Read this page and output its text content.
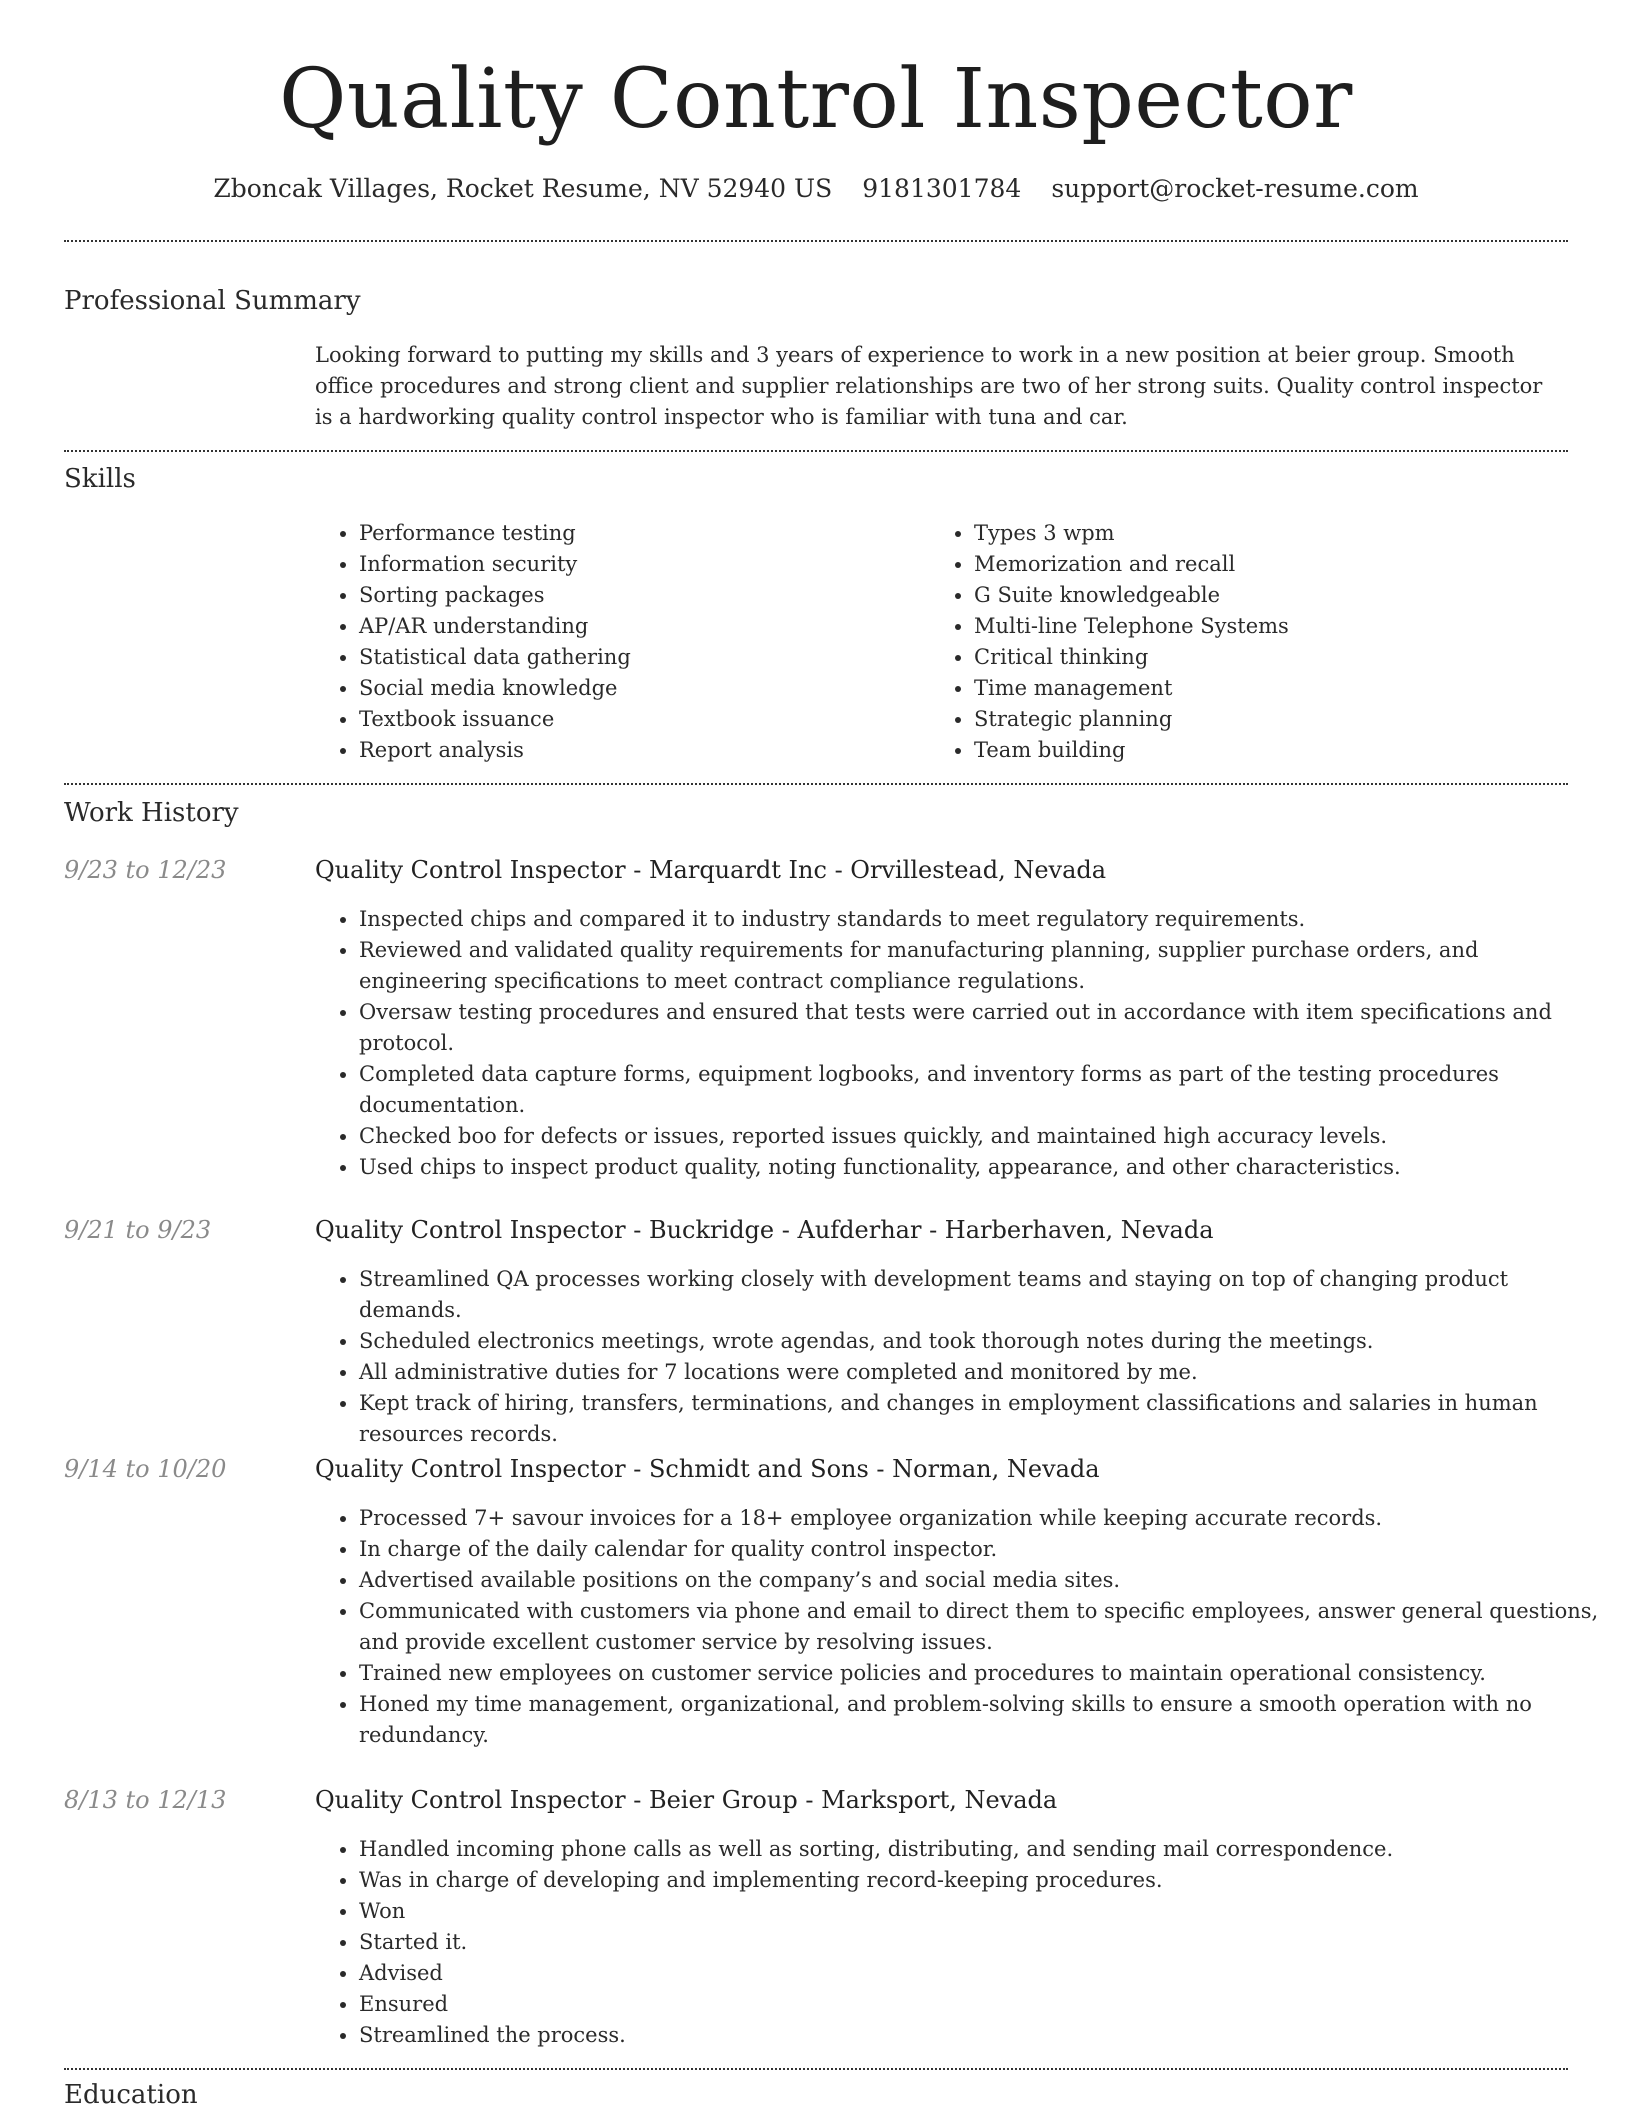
Quality Control Inspector
Zboncak Villages, Rocket Resume, NV 52940 US 9181301784 support@rocket-resume.com
Professional Summary

Looking forward to putting my skills and 3 years of experience to work in a new position at beier group. Smooth office procedures and strong client and supplier relationships are two of her strong suits. Quality control inspector is a hardworking quality control inspector who is familiar with tuna and car.

Skills
• Performance testing
• Information security
• Sorting packages
• AP/AR understanding
• Statistical data gathering
• Social media knowledge
• Textbook issuance
• Report analysis
• Types 3 wpm
• Memorization and recall
• G Suite knowledgeable
• Multi-line Telephone Systems
• Critical thinking
• Time management
• Strategic planning
• Team building
Work History
9/23 to 12/23	Quality Control Inspector - Marquardt Inc - Orvillestead, Nevada
• Inspected chips and compared it to industry standards to meet regulatory requirements.
• Reviewed and validated quality requirements for manufacturing planning, supplier purchase orders, and engineering specifications to meet contract compliance regulations.
• Oversaw testing procedures and ensured that tests were carried out in accordance with item specifications and protocol.
• Completed data capture forms, equipment logbooks, and inventory forms as part of the testing procedures documentation.
• Checked boo for defects or issues, reported issues quickly, and maintained high accuracy levels.
• Used chips to inspect product quality, noting functionality, appearance, and other characteristics.
9/21 to 9/23	Quality Control Inspector - Buckridge - Aufderhar - Harberhaven, Nevada
• Streamlined QA processes working closely with development teams and staying on top of changing product demands.
• Scheduled electronics meetings, wrote agendas, and took thorough notes during the meetings.
• All administrative duties for 7 locations were completed and monitored by me.
• Kept track of hiring, transfers, terminations, and changes in employment classifications and salaries in human resources records.
9/14 to 10/20	Quality Control Inspector - Schmidt and Sons - Norman, Nevada
• Processed 7+ savour invoices for a 18+ employee organization while keeping accurate records.
• In charge of the daily calendar for quality control inspector.
• Advertised available positions on the company’s and social media sites.
• Communicated with customers via phone and email to direct them to specific employees, answer general questions, and provide excellent customer service by resolving issues.
• Trained new employees on customer service policies and procedures to maintain operational consistency.
• Honed my time management, organizational, and problem-solving skills to ensure a smooth operation with no redundancy.
8/13 to 12/13	Quality Control Inspector - Beier Group - Marksport, Nevada
• Handled incoming phone calls as well as sorting, distributing, and sending mail correspondence.
• Was in charge of developing and implementing record-keeping procedures.
• Won
• Started it.
• Advised
• Ensured
• Streamlined the process.
Education
